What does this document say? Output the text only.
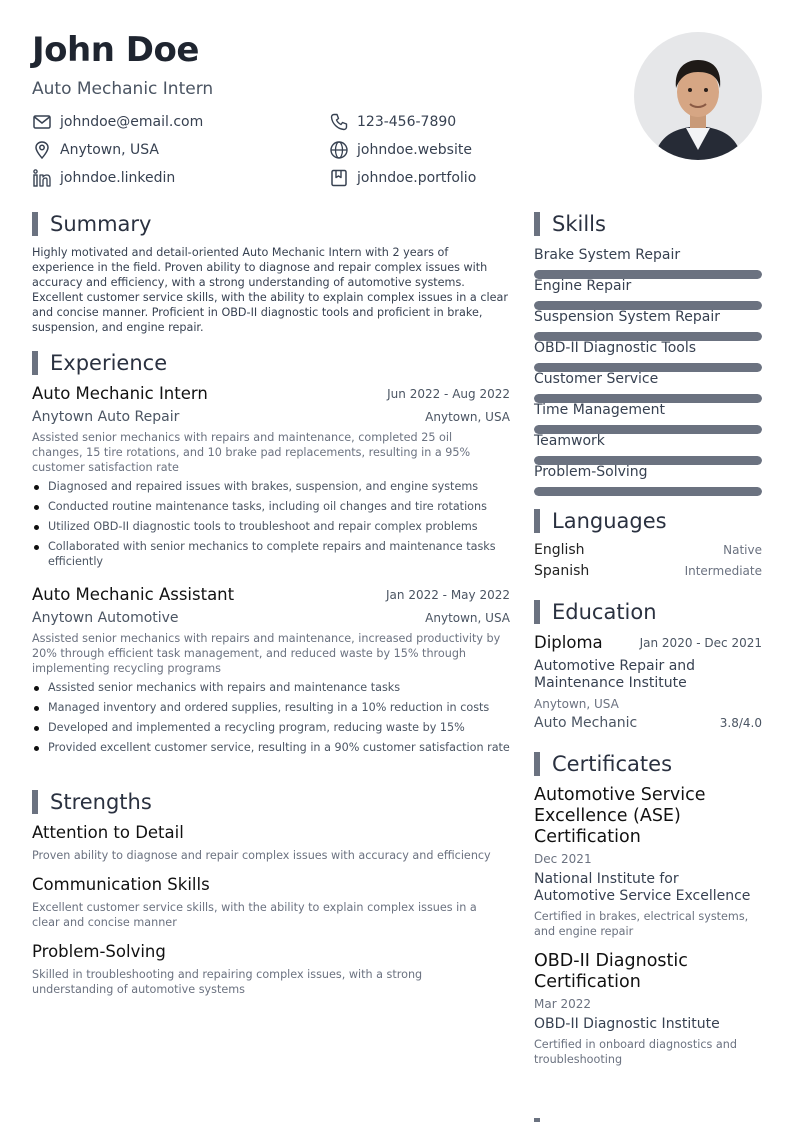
John Doe
Auto Mechanic Intern
johndoe@email.com	123-456-7890
Anytown, USA	johndoe.website
johndoe.linkedin	johndoe.portfolio
Summary
Highly motivated and detail-oriented Auto Mechanic Intern with 2 years of experience in the field. Proven ability to diagnose and repair complex issues with accuracy and efficiency, with a strong understanding of automotive systems. Excellent customer service skills, with the ability to explain complex issues in a clear and concise manner. Proficient in OBD-II diagnostic tools and proficient in brake, suspension, and engine repair.
Experience
Auto Mechanic Intern	Jun 2022 - Aug 2022
Anytown Auto Repair	Anytown, USA
Assisted senior mechanics with repairs and maintenance, completed 25 oil changes, 15 tire rotations, and 10 brake pad replacements, resulting in a 95% customer satisfaction rate
Diagnosed and repaired issues with brakes, suspension, and engine systems
Conducted routine maintenance tasks, including oil changes and tire rotations
Utilized OBD-II diagnostic tools to troubleshoot and repair complex problems
Collaborated with senior mechanics to complete repairs and maintenance tasks efficiently
Auto Mechanic Assistant	Jan 2022 - May 2022
Anytown Automotive	Anytown, USA
Assisted senior mechanics with repairs and maintenance, increased productivity by 20% through efficient task management, and reduced waste by 15% through implementing recycling programs
Assisted senior mechanics with repairs and maintenance tasks
Managed inventory and ordered supplies, resulting in a 10% reduction in costs
Developed and implemented a recycling program, reducing waste by 15%
Provided excellent customer service, resulting in a 90% customer satisfaction rate
Strengths
Attention to Detail
Proven ability to diagnose and repair complex issues with accuracy and efficiency
Communication Skills
Excellent customer service skills, with the ability to explain complex issues in a clear and concise manner
Problem-Solving
Skilled in troubleshooting and repairing complex issues, with a strong understanding of automotive systems
Skills
Brake System Repair
Engine Repair
Suspension System Repair
OBD-II Diagnostic Tools
Customer Service
Time Management
Teamwork
Problem-Solving
Languages
English	Native
Spanish	Intermediate
Education
Diploma	Jan 2020 - Dec 2021
Automotive Repair and Maintenance Institute
Anytown, USA
Auto Mechanic	3.8/4.0
Certificates
Automotive Service Excellence (ASE) Certification
Dec 2021
National Institute for Automotive Service Excellence
Certified in brakes, electrical systems, and engine repair
OBD-II Diagnostic Certification
Mar 2022
OBD-II Diagnostic Institute
Certified in onboard diagnostics and troubleshooting
